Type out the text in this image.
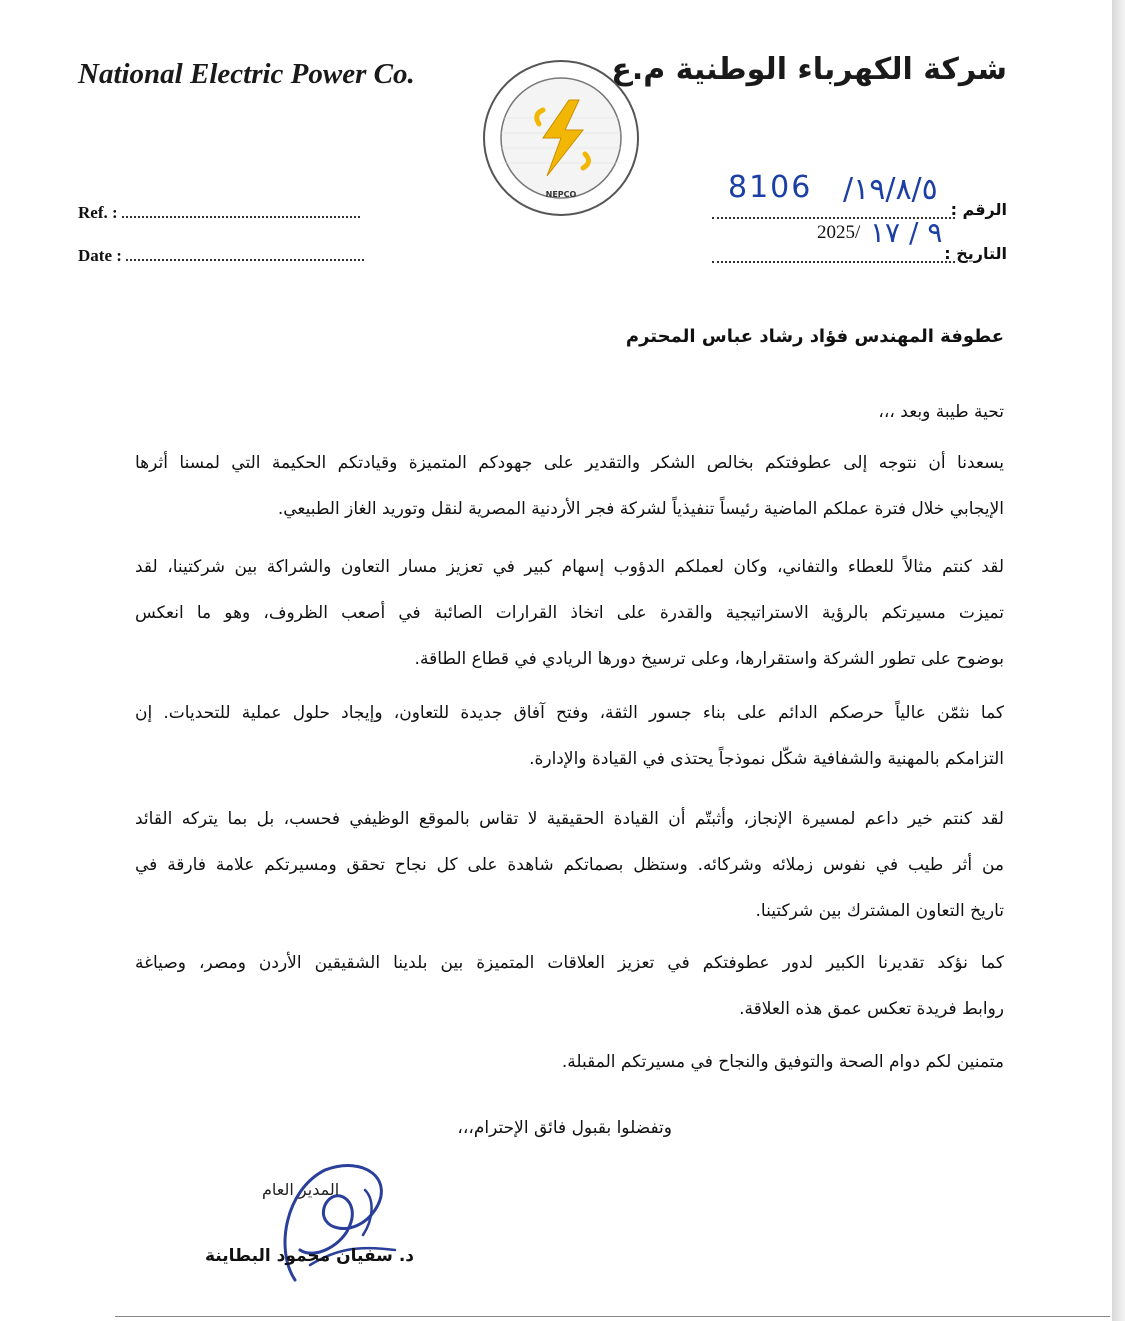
National Electric Power Co.	شركة الكهرباء الوطنية م.ع
NEPCO
Ref. :
Date :
8106 /١٩/٨/٥
الرقم :
2025/ ٩ / ١٧
التاريخ :
عطوفة المهندس فؤاد رشاد عباس المحترم
تحية طيبة وبعد ،،،
يسعدنا أن نتوجه إلى عطوفتكم بخالص الشكر والتقدير على جهودكم المتميزة وقيادتكم الحكيمة التي لمسنا أثرها
الإيجابي خلال فترة عملكم الماضية رئيساً تنفيذياً لشركة فجر الأردنية المصرية لنقل وتوريد الغاز الطبيعي.
لقد كنتم مثالاً للعطاء والتفاني، وكان لعملكم الدؤوب إسهام كبير في تعزيز مسار التعاون والشراكة بين شركتينا، لقد
تميزت مسيرتكم بالرؤية الاستراتيجية والقدرة على اتخاذ القرارات الصائبة في أصعب الظروف، وهو ما انعكس
بوضوح على تطور الشركة واستقرارها، وعلى ترسيخ دورها الريادي في قطاع الطاقة.
كما نثمّن عالياً حرصكم الدائم على بناء جسور الثقة، وفتح آفاق جديدة للتعاون، وإيجاد حلول عملية للتحديات. إن
التزامكم بالمهنية والشفافية شكّل نموذجاً يحتذى في القيادة والإدارة.
لقد كنتم خير داعم لمسيرة الإنجاز، وأثبتّم أن القيادة الحقيقية لا تقاس بالموقع الوظيفي فحسب، بل بما يتركه القائد
من أثر طيب في نفوس زملائه وشركائه. وستظل بصماتكم شاهدة على كل نجاح تحقق ومسيرتكم علامة فارقة في
تاريخ التعاون المشترك بين شركتينا.
كما نؤكد تقديرنا الكبير لدور عطوفتكم في تعزيز العلاقات المتميزة بين بلدينا الشقيقين الأردن ومصر، وصياغة
روابط فريدة تعكس عمق هذه العلاقة.
متمنين لكم دوام الصحة والتوفيق والنجاح في مسيرتكم المقبلة.
وتفضلوا بقبول فائق الإحترام،،،
المدير العام
د. سفيان محمود البطاينة
